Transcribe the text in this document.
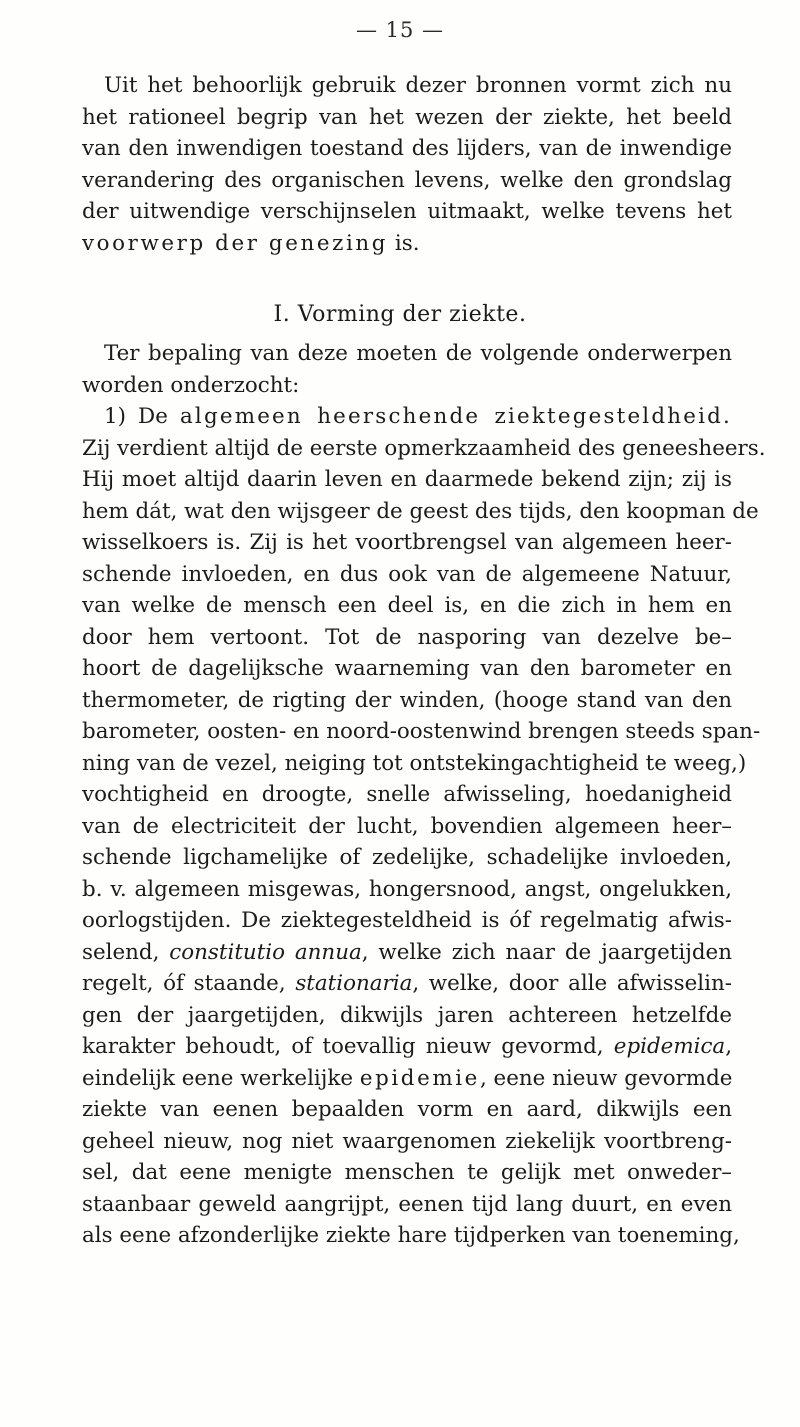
— 15 —
Uit het behoorlijk gebruik dezer bronnen vormt zich nu
het rationeel begrip van het wezen der ziekte, het beeld
van den inwendigen toestand des lijders, van de inwendige
verandering des organischen levens, welke den grondslag
der uitwendige verschijnselen uitmaakt, welke tevens het
voorwerp der genezing is.
I. Vorming der ziekte.
Ter bepaling van deze moeten de volgende onderwerpen
worden onderzocht:
1) De algemeen heerschende ziektegesteldheid.
Zij verdient altijd de eerste opmerkzaamheid des geneesheers.
Hij moet altijd daarin leven en daarmede bekend zijn; zij is
hem dát, wat den wijsgeer de geest des tijds, den koopman de
wisselkoers is. Zij is het voortbrengsel van algemeen heer-
schende invloeden, en dus ook van de algemeene Natuur,
van welke de mensch een deel is, en die zich in hem en
door hem vertoont. Tot de nasporing van dezelve be–
hoort de dagelijksche waarneming van den barometer en
thermometer, de rigting der winden, (hooge stand van den
barometer, oosten- en noord-oostenwind brengen steeds span-
ning van de vezel, neiging tot ontstekingachtigheid te weeg,)
vochtigheid en droogte, snelle afwisseling, hoedanigheid
van de electriciteit der lucht, bovendien algemeen heer–
schende ligchamelijke of zedelijke, schadelijke invloeden,
b. v. algemeen misgewas, hongersnood, angst, ongelukken,
oorlogstijden. De ziektegesteldheid is óf regelmatig afwis-
selend, constitutio annua, welke zich naar de jaargetijden
regelt, óf staande, stationaria, welke, door alle afwisselin-
gen der jaargetijden, dikwijls jaren achtereen hetzelfde
karakter behoudt, of toevallig nieuw gevormd, epidemica,
eindelijk eene werkelijke epidemie, eene nieuw gevormde
ziekte van eenen bepaalden vorm en aard, dikwijls een
geheel nieuw, nog niet waargenomen ziekelijk voortbreng-
sel, dat eene menigte menschen te gelijk met onweder–
staanbaar geweld aangrijpt, eenen tijd lang duurt, en even
als eene afzonderlijke ziekte hare tijdperken van toeneming,
